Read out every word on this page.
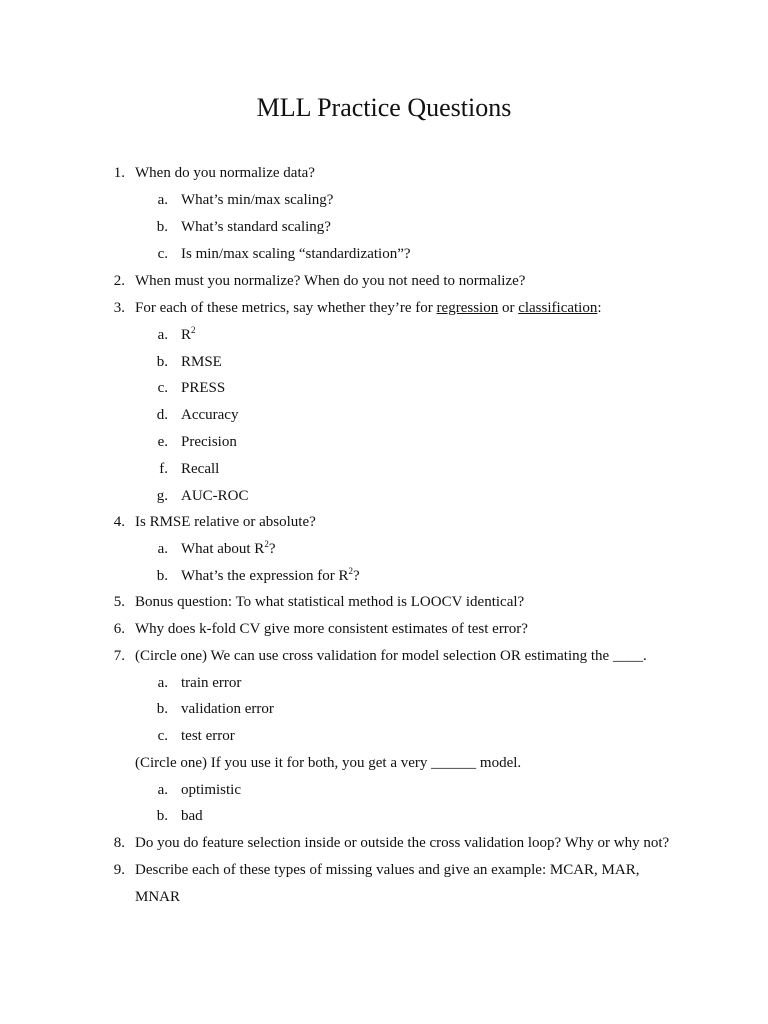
MLL Practice Questions
1. When do you normalize data?
a. What’s min/max scaling?
b. What’s standard scaling?
c. Is min/max scaling “standardization”?
2. When must you normalize? When do you not need to normalize?
3. For each of these metrics, say whether they’re for regression or classification:
a. $R^2$
b. RMSE
c. PRESS
d. Accuracy
e. Precision
f. Recall
g. AUC-ROC
4. Is RMSE relative or absolute?
a. What about $R^2$?
b. What’s the expression for $R^2$?
5. Bonus question: To what statistical method is LOOCV identical?
6. Why does k-fold CV give more consistent estimates of test error?
7. (Circle one) We can use cross validation for model selection OR estimating the ____.
a. train error
b. validation error
c. test error
(Circle one) If you use it for both, you get a very ______ model.
a. optimistic
b. bad
8. Do you do feature selection inside or outside the cross validation loop? Why or why not?
9. Describe each of these types of missing values and give an example: MCAR, MAR,
MNAR
